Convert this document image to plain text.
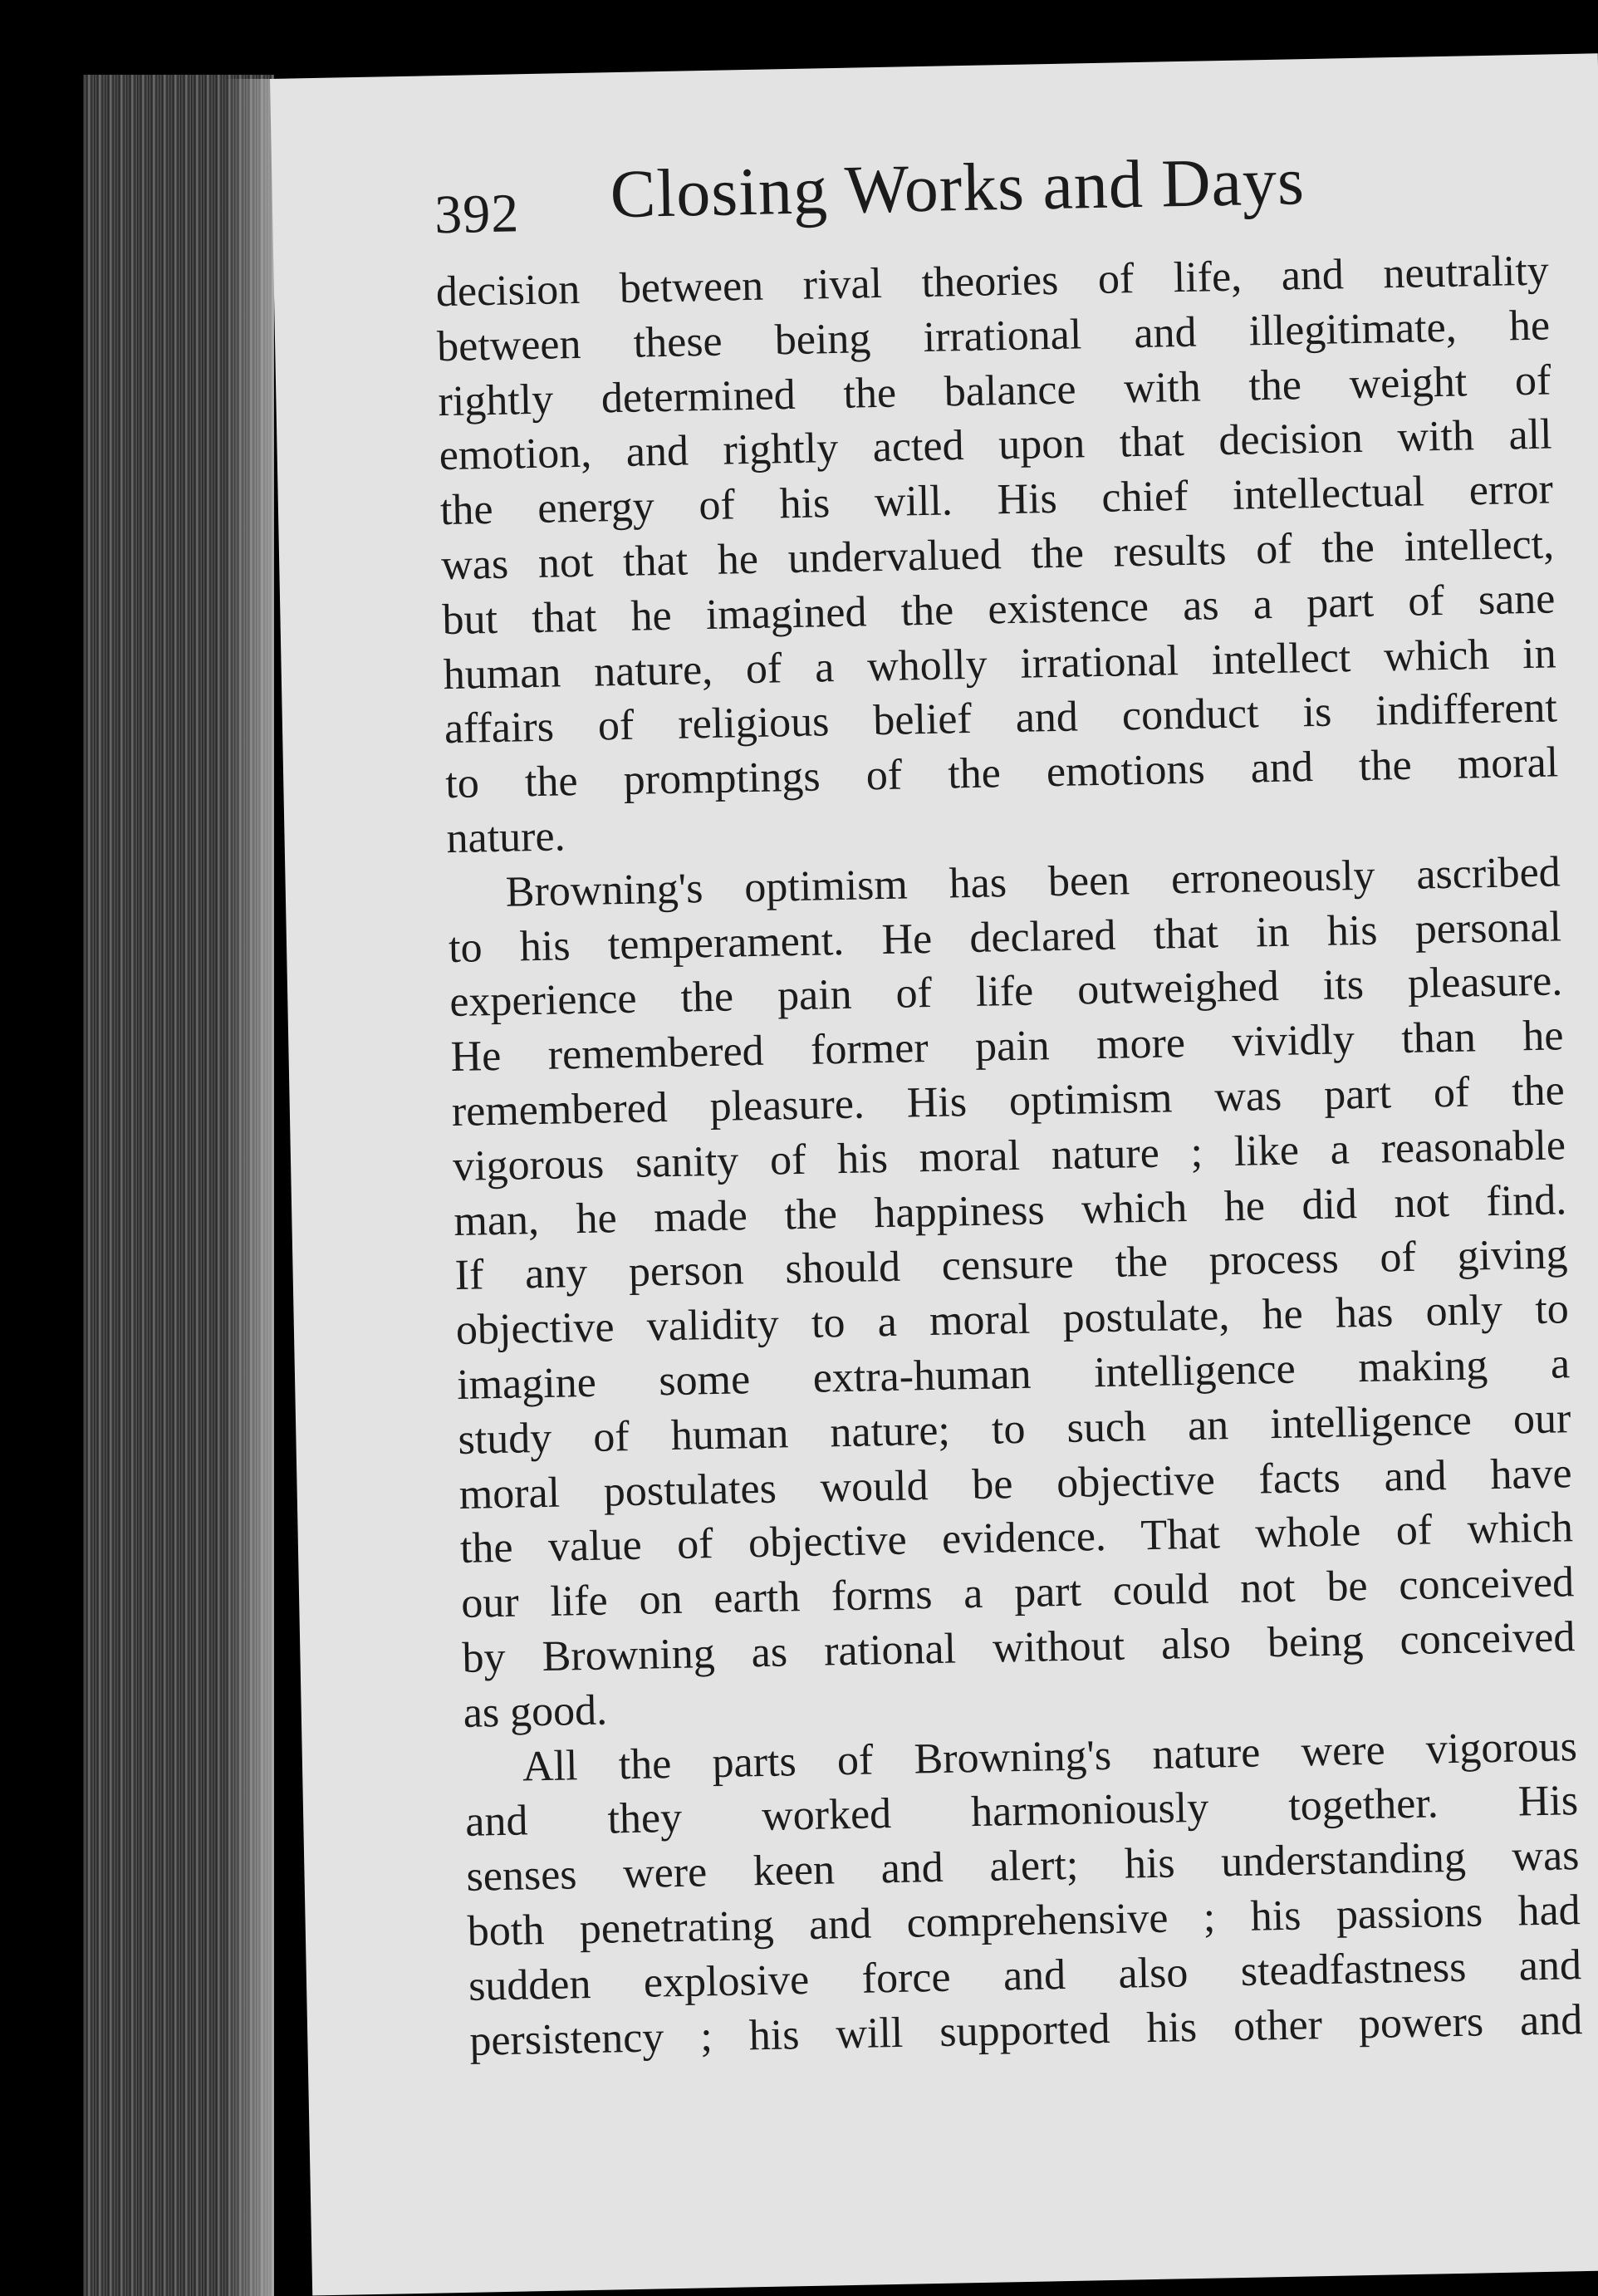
392 Closing Works and Days
decision between rival theories of life, and neutrality
between these being irrational and illegitimate, he
rightly determined the balance with the weight of
emotion, and rightly acted upon that decision with all
the energy of his will. His chief intellectual error
was not that he undervalued the results of the intellect,
but that he imagined the existence as a part of sane
human nature, of a wholly irrational intellect which in
affairs of religious belief and conduct is indifferent
to the promptings of the emotions and the moral
nature.
Browning's optimism has been erroneously ascribed
to his temperament. He declared that in his personal
experience the pain of life outweighed its pleasure.
He remembered former pain more vividly than he
remembered pleasure. His optimism was part of the
vigorous sanity of his moral nature ; like a reasonable
man, he made the happiness which he did not find.
If any person should censure the process of giving
objective validity to a moral postulate, he has only to
imagine some extra-human intelligence making a
study of human nature; to such an intelligence our
moral postulates would be objective facts and have
the value of objective evidence. That whole of which
our life on earth forms a part could not be conceived
by Browning as rational without also being conceived
as good.
All the parts of Browning's nature were vigorous
and they worked harmoniously together. His
senses were keen and alert; his understanding was
both penetrating and comprehensive ; his passions had
sudden explosive force and also steadfastness and
persistency ; his will supported his other powers and
